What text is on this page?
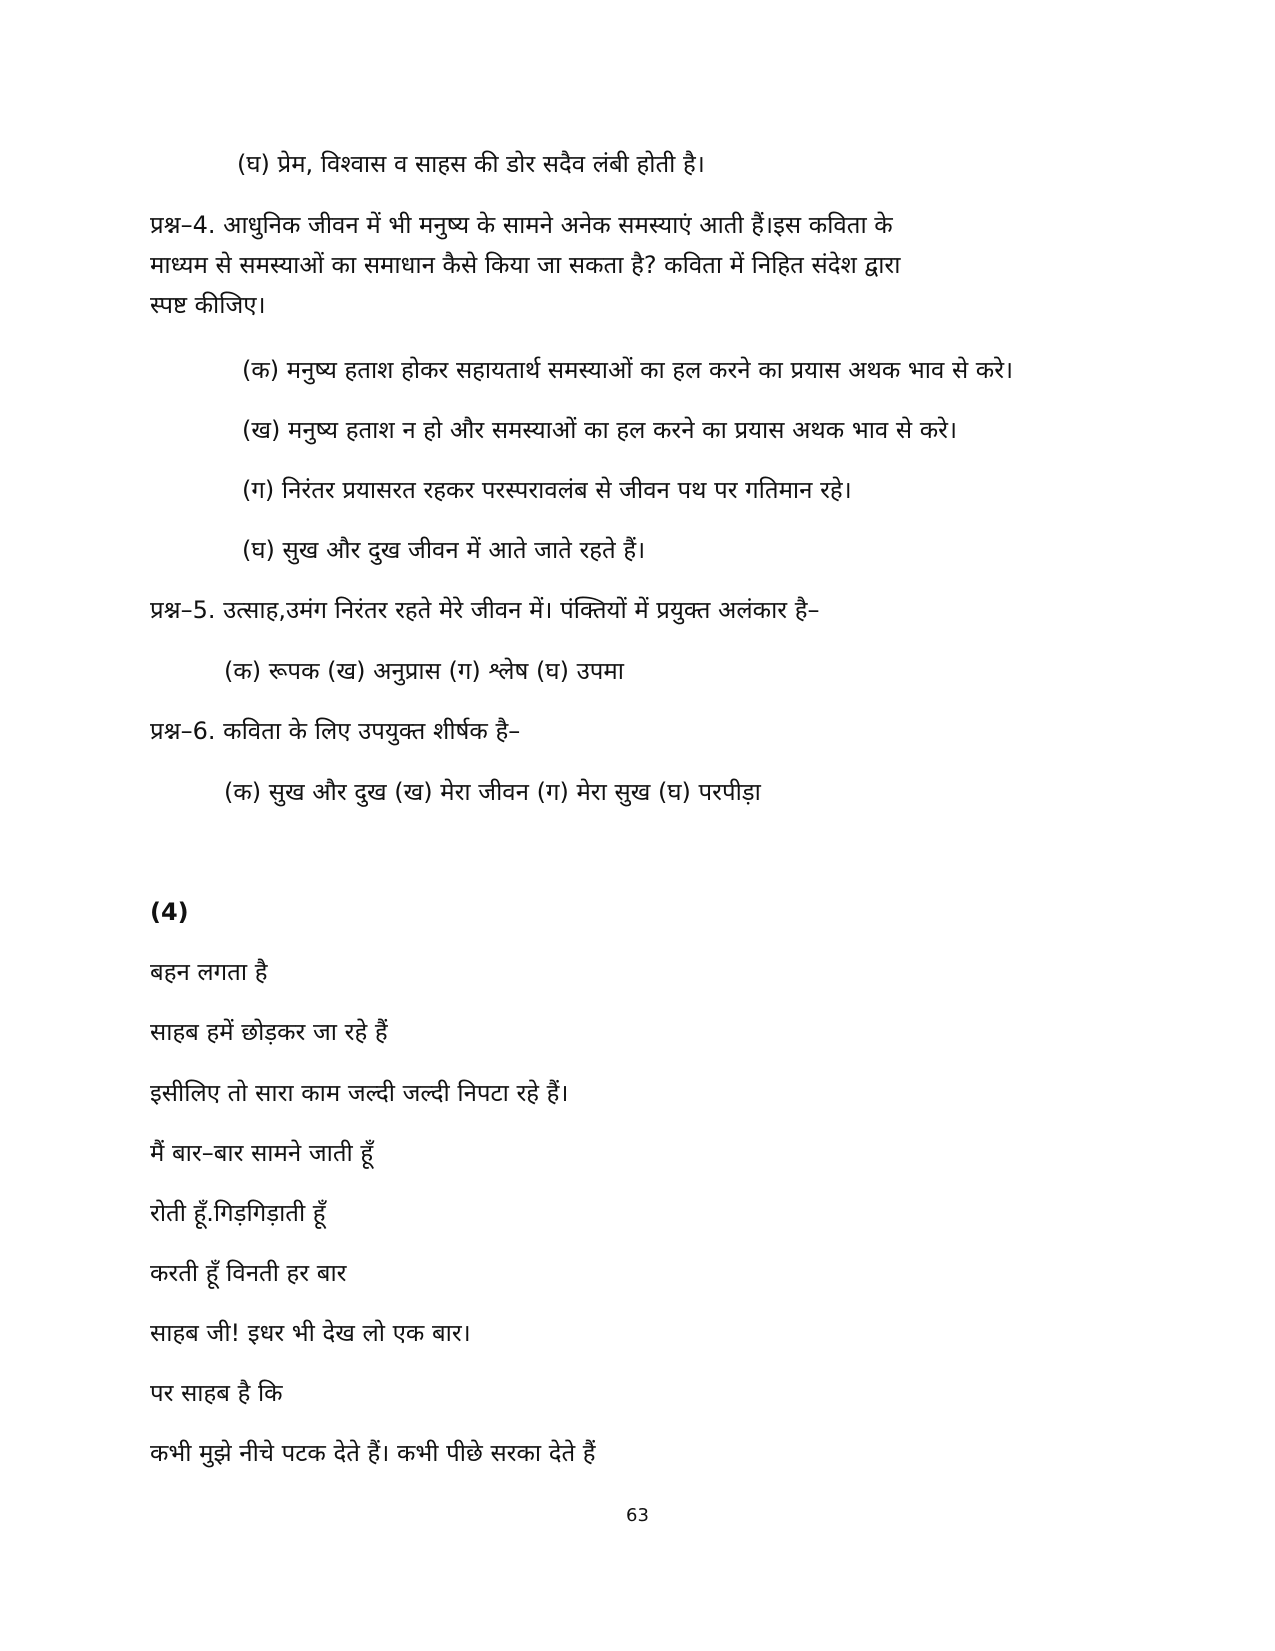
(घ) प्रेम, विश्वास व साहस की डोर सदैव लंबी होती है।
प्रश्न–4. आधुनिक जीवन में भी मनुष्य के सामने अनेक समस्याएं आती हैं।इस कविता के
माध्यम से समस्याओं का समाधान कैसे किया जा सकता है? कविता में निहित संदेश द्वारा
स्पष्ट कीजिए।
(क) मनुष्य हताश होकर सहायतार्थ समस्याओं का हल करने का प्रयास अथक भाव से करे।
(ख) मनुष्य हताश न हो और समस्याओं का हल करने का प्रयास अथक भाव से करे।
(ग) निरंतर प्रयासरत रहकर परस्परावलंब से जीवन पथ पर गतिमान रहे।
(घ) सुख और दुख जीवन में आते जाते रहते हैं।
प्रश्न–5. उत्साह,उमंग निरंतर रहते मेरे जीवन में। पंक्तियों में प्रयुक्त अलंकार है–
(क) रूपक (ख) अनुप्रास (ग) श्लेष (घ) उपमा
प्रश्न–6. कविता के लिए उपयुक्त शीर्षक है–
(क) सुख और दुख (ख) मेरा जीवन (ग) मेरा सुख (घ) परपीड़ा
(4)
बहन लगता है
साहब हमें छोड़कर जा रहे हैं
इसीलिए तो सारा काम जल्दी जल्दी निपटा रहे हैं।
मैं बार–बार सामने जाती हूँ
रोती हूँ.गिड़गिड़ाती हूँ
करती हूँ विनती हर बार
साहब जी! इधर भी देख लो एक बार।
पर साहब है कि
कभी मुझे नीचे पटक देते हैं। कभी पीछे सरका देते हैं
63
